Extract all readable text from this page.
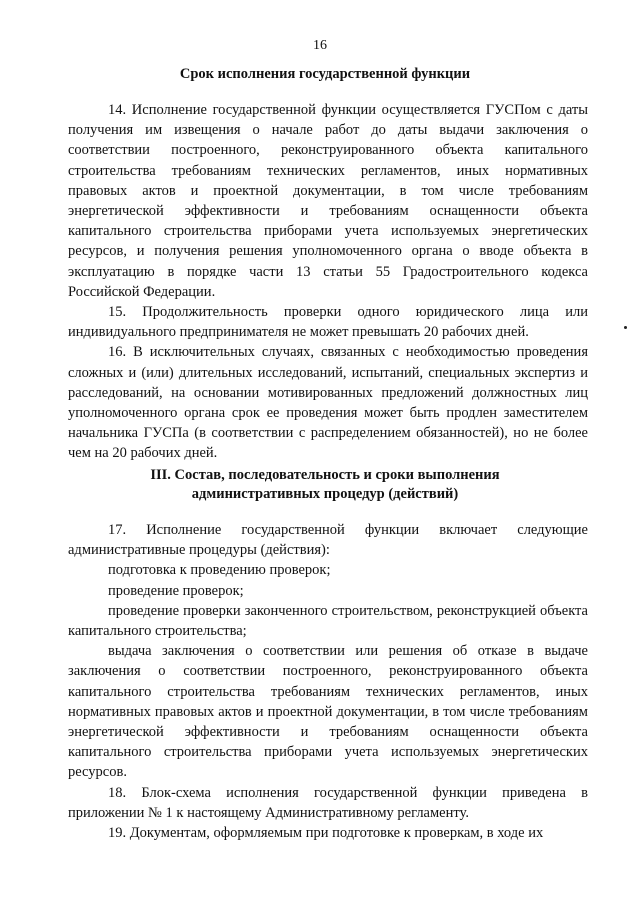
16
Срок исполнения государственной функции

14. Исполнение государственной функции осуществляется ГУСПом с даты получения им извещения о начале работ до даты выдачи заключения о соответствии построенного, реконструированного объекта капитального строительства требованиям технических регламентов, иных нормативных правовых актов и проектной документации, в том числе требованиям энергетической эффективности и требованиям оснащенности объекта капитального строительства приборами учета используемых энергетических ресурсов, и получения решения уполномоченного органа о вводе объекта в эксплуатацию в порядке части 13 статьи 55 Градостроительного кодекса Российской Федерации.

15. Продолжительность проверки одного юридического лица или индивидуального предпринимателя не может превышать 20 рабочих дней.

16. В исключительных случаях, связанных с необходимостью проведения сложных и (или) длительных исследований, испытаний, специальных экспертиз и расследований, на основании мотивированных предложений должностных лиц уполномоченного органа срок ее проведения может быть продлен заместителем начальника ГУСПа (в соответствии с распределением обязанностей), но не более чем на 20 рабочих дней.

III. Состав, последовательность и сроки выполнения
административных процедур (действий)

17. Исполнение государственной функции включает следующие административные процедуры (действия):

подготовка к проведению проверок;

проведение проверок;

проведение проверки законченного строительством, реконструкцией объекта капитального строительства;

выдача заключения о соответствии или решения об отказе в выдаче заключения о соответствии построенного, реконструированного объекта капитального строительства требованиям технических регламентов, иных нормативных правовых актов и проектной документации, в том числе требованиям энергетической эффективности и требованиям оснащенности объекта капитального строительства приборами учета используемых энергетических ресурсов.

18. Блок-схема исполнения государственной функции приведена в приложении № 1 к настоящему Административному регламенту.

19. Документам, оформляемым при подготовке к проверкам, в ходе их
